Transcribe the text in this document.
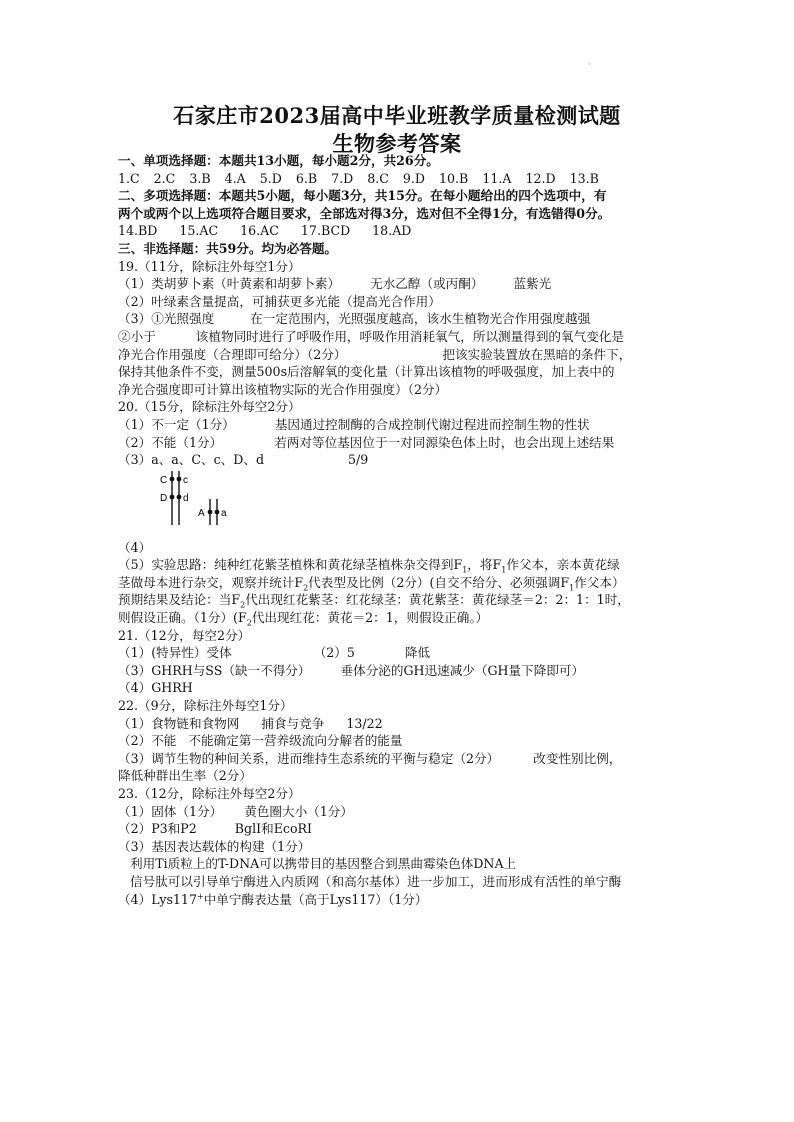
·
石家庄市2023届高中毕业班教学质量检测试题
生物参考答案
一、单项选择题：本题共13小题，每小题2分，共26分。
1.C 2.C 3.B 4.A 5.D 6.B 7.D 8.C 9.D 10.B 11.A 12.D 13.B
二、多项选择题：本题共5小题，每小题3分，共15分。在每小题给出的四个选项中，有
两个或两个以上选项符合题目要求，全部选对得3分，选对但不全得1分，有选错得0分。
14.BD 15.AC 16.AC 17.BCD 18.AD
三、非选择题：共59分。均为必答题。
19.（11分，除标注外每空1分）
（1）类胡萝卜素（叶黄素和胡萝卜素） 无水乙醇（或丙酮） 蓝紫光
（2）叶绿素含量提高，可捕获更多光能（提高光合作用）
（3）①光照强度	在一定范围内，光照强度越高，该水生植物光合作用强度越强
②小于	该植物同时进行了呼吸作用，呼吸作用消耗氧气，所以测量得到的氧气变化是
净光合作用强度（合理即可给分）（2分）	把该实验装置放在黑暗的条件下，
保持其他条件不变，测量500s后溶解氧的变化量（计算出该植物的呼吸强度，加上表中的
净光合强度即可计算出该植物实际的光合作用强度）（2分）
20.（15分，除标注外每空2分）
（1）不一定（1分）	基因通过控制酶的合成控制代谢过程进而控制生物的性状
（2）不能（1分）	若两对等位基因位于一对同源染色体上时，也会出现上述结果
（3）a、a、C、c、D、d	5/9
C c
D d
A a
（4）
（5）实验思路：纯种红花紫茎植株和黄花绿茎植株杂交得到$F_1$，将$F_1$作父本，亲本黄花绿
茎做母本进行杂交，观察并统计$F_2$代表型及比例（2分）(自交不给分、必须强调$F_1$作父本）
预期结果及结论：当$F_2$代出现红花紫茎：红花绿茎：黄花紫茎：黄花绿茎＝2：2：1：1时，
则假设正确。（1分）($F_2$代出现红花：黄花＝2：1，则假设正确。）
21.（12分，每空2分）
（1）(特异性）受体	（2）5	降低
（3）GHRH与SS（缺一不得分） 垂体分泌的GH迅速减少（GH量下降即可）
（4）GHRH
22.（9分，除标注外每空1分）
（1）食物链和食物网 捕食与竞争 13/22
（2）不能 不能确定第一营养级流向分解者的能量
（3）调节生物的种间关系，进而维持生态系统的平衡与稳定（2分）	改变性别比例，
降低种群出生率（2分）
23.（12分，除标注外每空2分）
（1）固体（1分） 黄色圈大小（1分）
（2）P3和P2	BglⅠ和EcoRⅠ
（3）基因表达载体的构建（1分）
利用Ti质粒上的T-DNA可以携带目的基因整合到黑曲霉染色体DNA上
信号肽可以引导单宁酶进入内质网（和高尔基体）进一步加工，进而形成有活性的单宁酶
（4）Lys117+中单宁酶表达量（高于Lys117）（1分）
